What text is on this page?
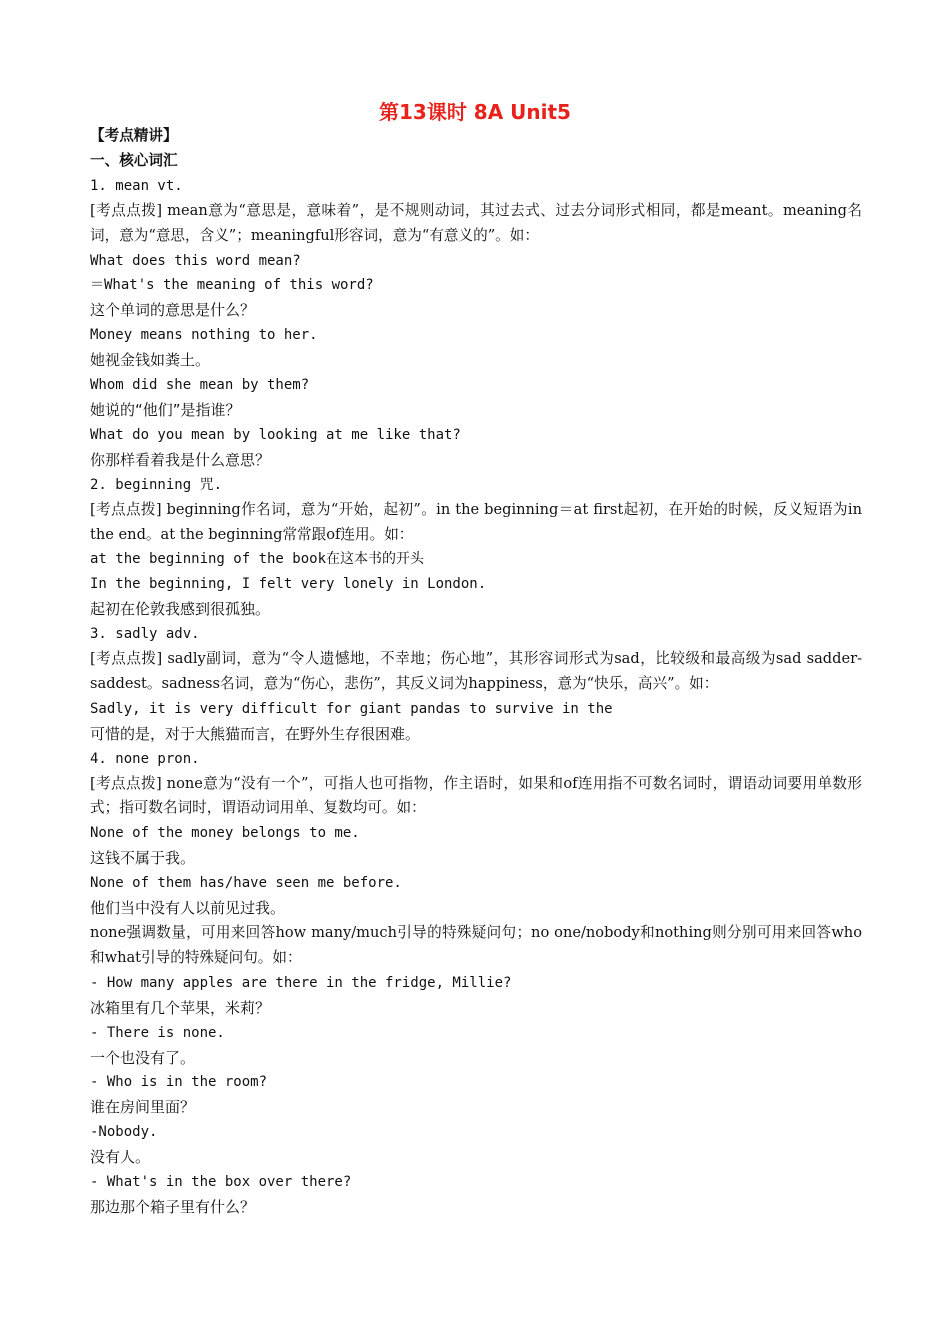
第13课时 8A Unit5

【考点精讲】

一、核心词汇

1. mean vt.

[考点点拨] mean意为“意思是，意味着”，是不规则动词，其过去式、过去分词形式相同，都是meant。meaning名词，意为“意思，含义”；meaningful形容词，意为“有意义的”。如：

What does this word mean?

＝What's the meaning of this word?

这个单词的意思是什么？

Money means nothing to her.

她视金钱如粪土。

Whom did she mean by them?

她说的“他们”是指谁？

What do you mean by looking at me like that?

你那样看着我是什么意思？

2. beginning 咒.

[考点点拨] beginning作名词，意为“开始，起初”。in the beginning＝at first起初，在开始的时候，反义短语为in the end。at the beginning常常跟of连用。如：

at the beginning of the book在这本书的开头

In the beginning, I felt very lonely in London.

起初在伦敦我感到很孤独。

3. sadly adv.

[考点点拨] sadly副词，意为“令人遗憾地，不幸地；伤心地”，其形容词形式为sad，比较级和最高级为sad sadder-saddest。sadness名词，意为“伤心，悲伤”，其反义词为happiness，意为“快乐，高兴”。如：

Sadly, it is very difficult for giant pandas to survive in the

可惜的是，对于大熊猫而言，在野外生存很困难。

4. none pron.

[考点点拨] none意为“没有一个”，可指人也可指物，作主语时，如果和of连用指不可数名词时，谓语动词要用单数形式；指可数名词时，谓语动词用单、复数均可。如：

None of the money belongs to me.

这钱不属于我。

None of them has/have seen me before.

他们当中没有人以前见过我。

none强调数量，可用来回答how many/much引导的特殊疑问句；no one/nobody和nothing则分别可用来回答who和what引导的特殊疑问句。如：

- How many apples are there in the fridge, Millie?

冰箱里有几个苹果，米莉？

- There is none.

一个也没有了。

- Who is in the room?

谁在房间里面？

-Nobody.

没有人。

- What's in the box over there?

那边那个箱子里有什么？
